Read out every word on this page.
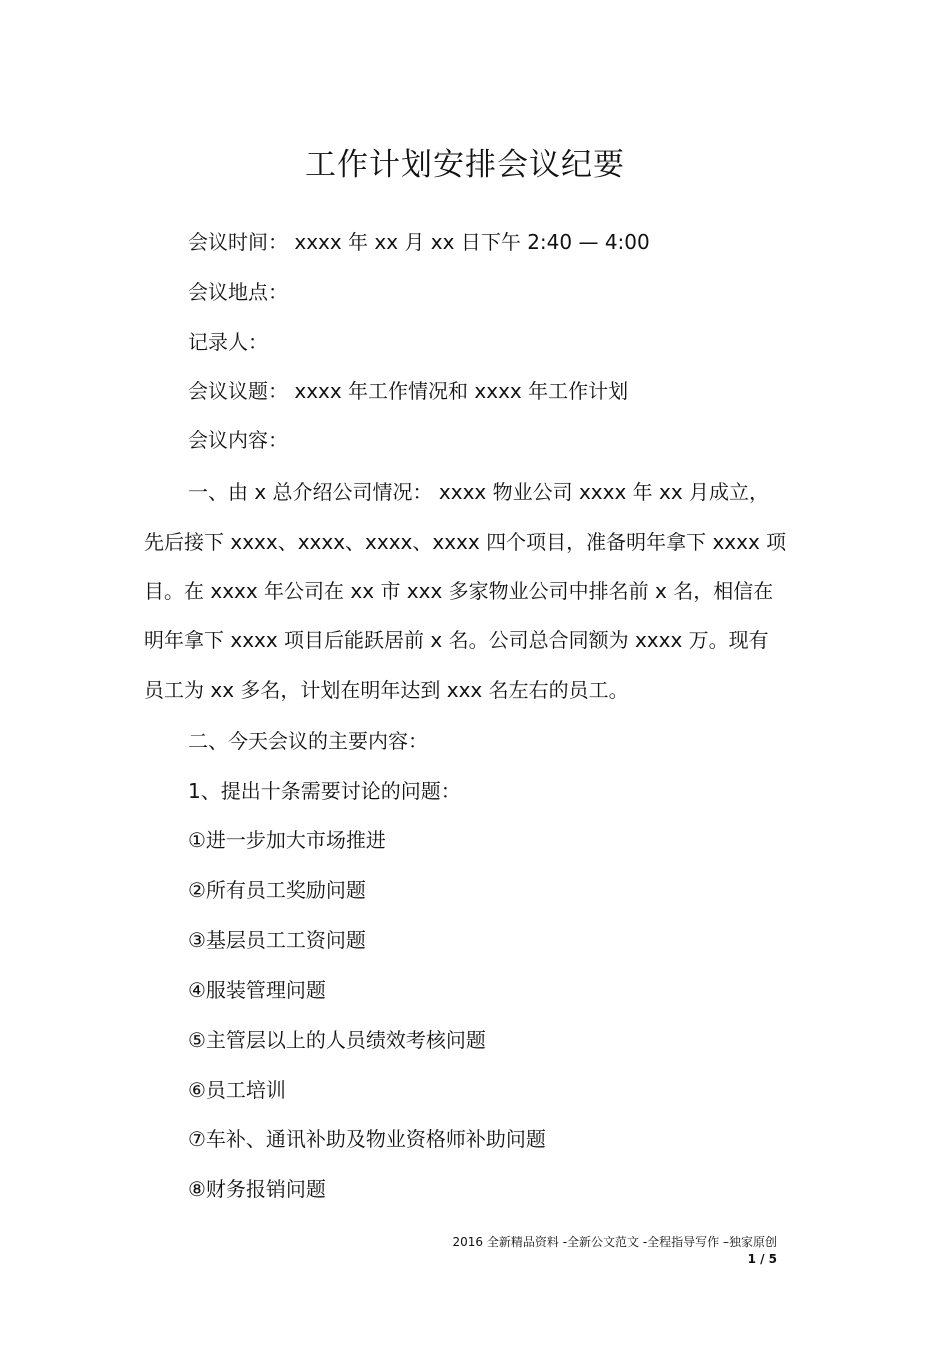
工作计划安排会议纪要
会议时间： xxxx 年 xx 月 xx 日下午 2:40 — 4:00
会议地点：
记录人：
会议议题： xxxx 年工作情况和 xxxx 年工作计划
会议内容：
一、由 x 总介绍公司情况： xxxx 物业公司 xxxx 年 xx 月成立，
先后接下 xxxx、xxxx、xxxx、xxxx 四个项目，准备明年拿下 xxxx 项
目。在 xxxx 年公司在 xx 市 xxx 多家物业公司中排名前 x 名，相信在
明年拿下 xxxx 项目后能跃居前 x 名。公司总合同额为 xxxx 万。现有
员工为 xx 多名，计划在明年达到 xxx 名左右的员工。
二、今天会议的主要内容：
1、提出十条需要讨论的问题：
①进一步加大市场推进
②所有员工奖励问题
③基层员工工资问题
④服装管理问题
⑤主管层以上的人员绩效考核问题
⑥员工培训
⑦车补、通讯补助及物业资格师补助问题
⑧财务报销问题
2016 全新精品资料 -全新公文范文 -全程指导写作 –独家原创
1 / 5
